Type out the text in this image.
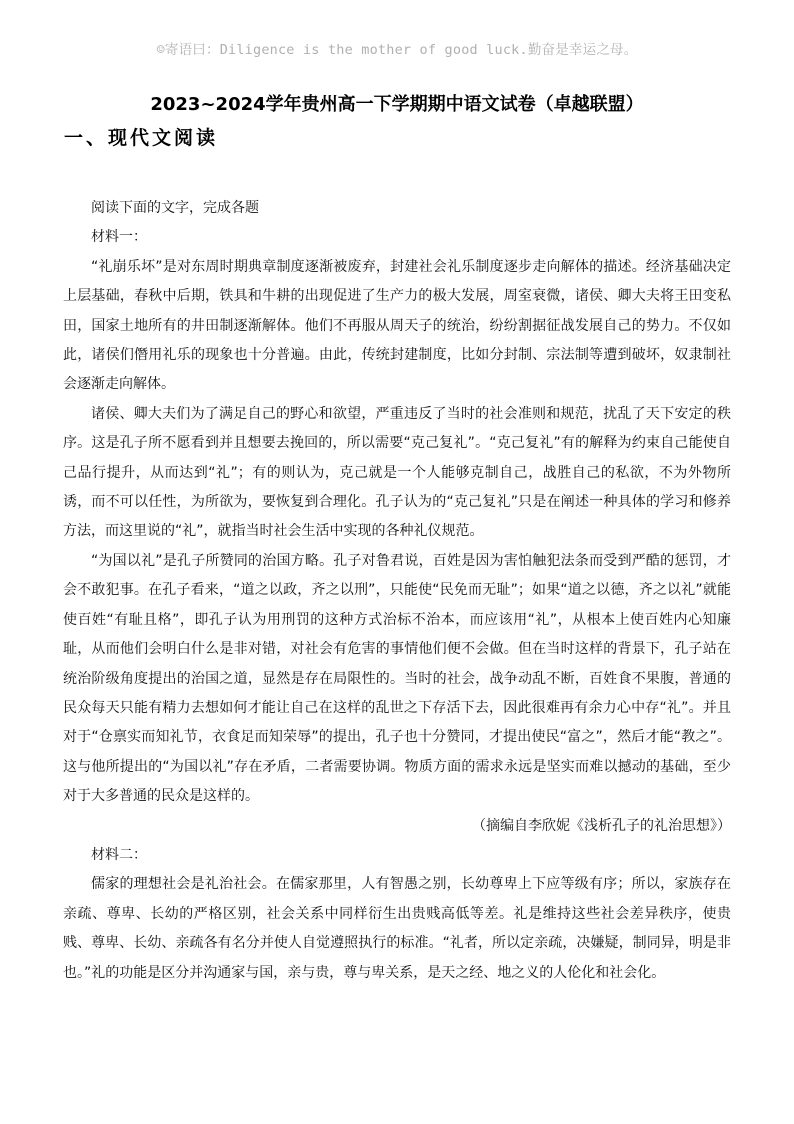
☺寄语曰：Diligence is the mother of good luck.勤奋是幸运之母。
2023~2024学年贵州高一下学期期中语文试卷（卓越联盟）
一、现代文阅读

阅读下面的文字，完成各题

材料一：

“礼崩乐坏”是对东周时期典章制度逐渐被废弃，封建社会礼乐制度逐步走向解体的描述。经济基础决定上层基础，春秋中后期，铁具和牛耕的出现促进了生产力的极大发展，周室衰微，诸侯、卿大夫将王田变私田，国家土地所有的井田制逐渐解体。他们不再服从周天子的统治，纷纷割据征战发展自己的势力。不仅如此，诸侯们僭用礼乐的现象也十分普遍。由此，传统封建制度，比如分封制、宗法制等遭到破坏，奴隶制社会逐渐走向解体。

诸侯、卿大夫们为了满足自己的野心和欲望，严重违反了当时的社会准则和规范，扰乱了天下安定的秩序。这是孔子所不愿看到并且想要去挽回的，所以需要“克己复礼”。“克己复礼”有的解释为约束自己能使自己品行提升，从而达到“礼”；有的则认为，克己就是一个人能够克制自己，战胜自己的私欲，不为外物所诱，而不可以任性，为所欲为，要恢复到合理化。孔子认为的“克己复礼”只是在阐述一种具体的学习和修养方法，而这里说的“礼”，就指当时社会生活中实现的各种礼仪规范。

“为国以礼”是孔子所赞同的治国方略。孔子对鲁君说，百姓是因为害怕触犯法条而受到严酷的惩罚，才会不敢犯事。在孔子看来，“道之以政，齐之以刑”，只能使“民免而无耻”；如果“道之以德，齐之以礼”就能使百姓“有耻且格”，即孔子认为用刑罚的这种方式治标不治本，而应该用“礼”，从根本上使百姓内心知廉耻，从而他们会明白什么是非对错，对社会有危害的事情他们便不会做。但在当时这样的背景下，孔子站在统治阶级角度提出的治国之道，显然是存在局限性的。当时的社会，战争动乱不断，百姓食不果腹，普通的民众每天只能有精力去想如何才能让自己在这样的乱世之下存活下去，因此很难再有余力心中存“礼”。并且对于“仓禀实而知礼节，衣食足而知荣辱”的提出，孔子也十分赞同，才提出使民“富之”，然后才能“教之”。这与他所提出的“为国以礼”存在矛盾，二者需要协调。物质方面的需求永远是坚实而难以撼动的基础，至少对于大多普通的民众是这样的。

（摘编自李欣妮《浅析孔子的礼治思想》）

材料二：

儒家的理想社会是礼治社会。在儒家那里，人有智愚之别，长幼尊卑上下应等级有序；所以，家族存在亲疏、尊卑、长幼的严格区别，社会关系中同样衍生出贵贱高低等差。礼是维持这些社会差异秩序，使贵贱、尊卑、长幼、亲疏各有名分并使人自觉遵照执行的标准。“礼者，所以定亲疏，决嫌疑，制同异，明是非也。”礼的功能是区分并沟通家与国，亲与贵，尊与卑关系，是天之经、地之义的人伦化和社会化。
